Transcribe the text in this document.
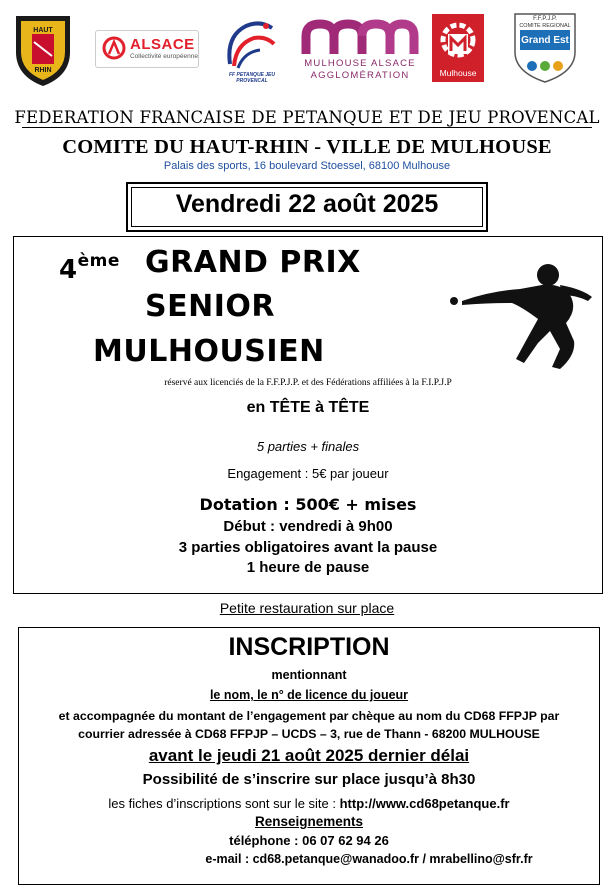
HAUT
RHIN
ALSACE
Collectivité européenne
FF PETANQUE JEU PROVENCAL
MULHOUSE ALSACE
AGGLOMÉRATION	Mulhouse
F.F.P.J.P.
COMITE REGIONAL
Grand Est
FEDERATION FRANCAISE DE PETANQUE ET DE JEU PROVENCAL
COMITE DU HAUT-RHIN - VILLE DE MULHOUSE
Palais des sports, 16 boulevard Stoessel, 68100 Mulhouse
Vendredi 22 août 2025
4ème GRAND PRIX
SENIOR
MULHOUSIEN
réservé aux licenciés de la F.F.P.J.P. et des Fédérations affiliées à la F.I.P.J.P
en TÊTE à TÊTE
5 parties + finales
Engagement : 5€ par joueur
Dotation : 500€ + mises
Début : vendredi à 9h00
3 parties obligatoires avant la pause
1 heure de pause
Petite restauration sur place
INSCRIPTION
mentionnant
le nom, le n° de licence du joueur
et accompagnée du montant de l’engagement par chèque au nom du CD68 FFPJP par
courrier adressée à CD68 FFPJP – UCDS – 3, rue de Thann - 68200 MULHOUSE
avant le jeudi 21 août 2025 dernier délai
Possibilité de s’inscrire sur place jusqu’à 8h30
les fiches d’inscriptions sont sur le site : http://www.cd68petanque.fr
Renseignements
téléphone : 06 07 62 94 26
e-mail : cd68.petanque@wanadoo.fr / mrabellino@sfr.fr
